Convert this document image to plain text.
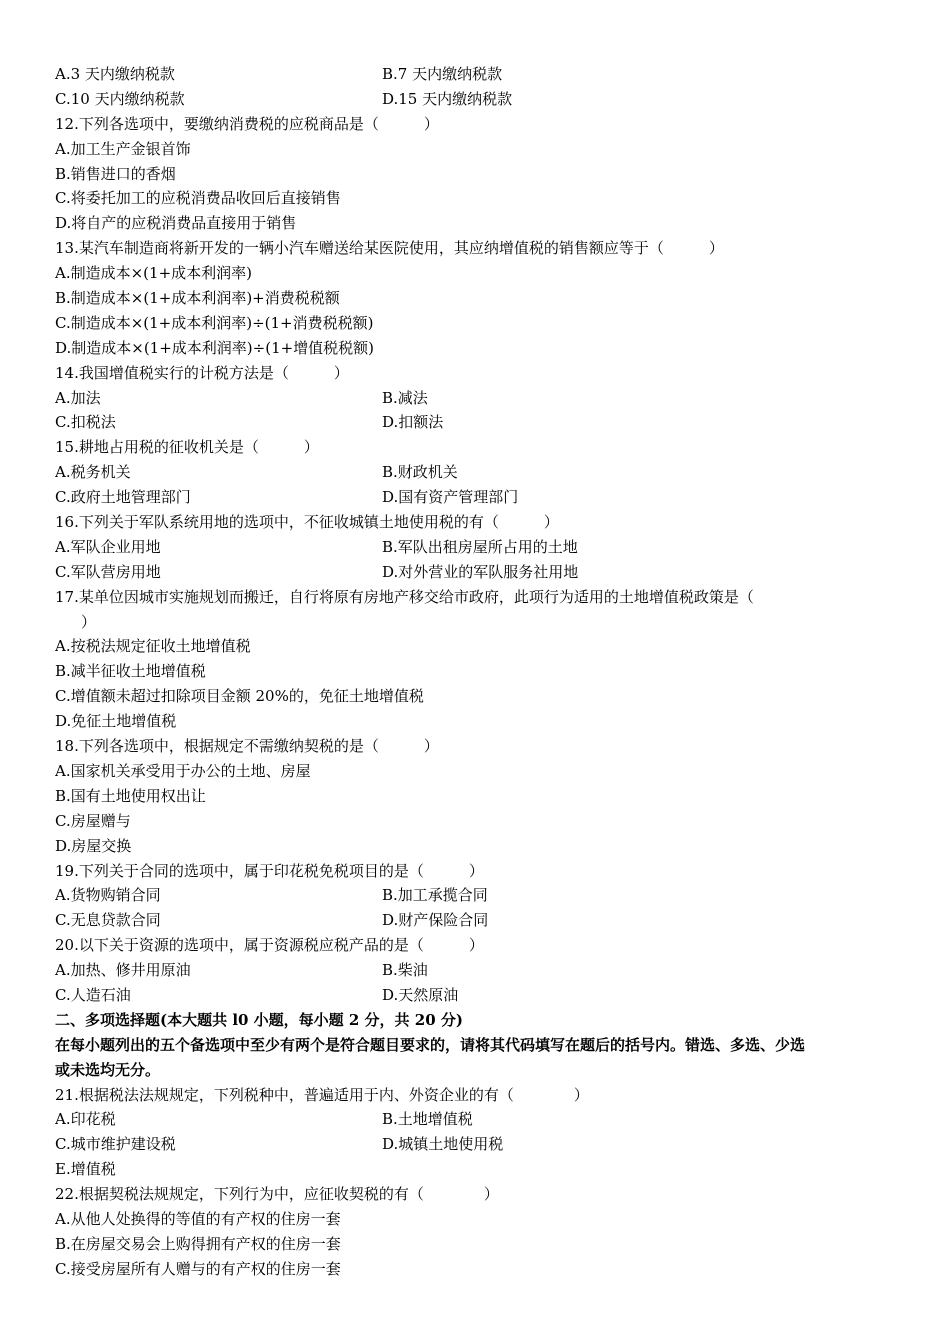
A.3 天内缴纳税款	B.7 天内缴纳税款
C.10 天内缴纳税款	D.15 天内缴纳税款
12.下列各选项中，要缴纳消费税的应税商品是（　　　）
A.加工生产金银首饰
B.销售进口的香烟
C.将委托加工的应税消费品收回后直接销售
D.将自产的应税消费品直接用于销售
13.某汽车制造商将新开发的一辆小汽车赠送给某医院使用，其应纳增值税的销售额应等于（　　　）
A.制造成本×(1+成本利润率)
B.制造成本×(1+成本利润率)+消费税税额
C.制造成本×(1+成本利润率)÷(1+消费税税额)
D.制造成本×(1+成本利润率)÷(1+增值税税额)
14.我国增值税实行的计税方法是（　　　）
A.加法	B.减法
C.扣税法	D.扣额法
15.耕地占用税的征收机关是（　　　）
A.税务机关	B.财政机关
C.政府土地管理部门	D.国有资产管理部门
16.下列关于军队系统用地的选项中，不征收城镇土地使用税的有（　　　）
A.军队企业用地	B.军队出租房屋所占用的土地
C.军队营房用地	D.对外营业的军队服务社用地
17.某单位因城市实施规划而搬迁，自行将原有房地产移交给市政府，此项行为适用的土地增值税政策是（
）
A.按税法规定征收土地增值税
B.减半征收土地增值税
C.增值额未超过扣除项目金额 20%的，免征土地增值税
D.免征土地增值税
18.下列各选项中，根据规定不需缴纳契税的是（　　　）
A.国家机关承受用于办公的土地、房屋
B.国有土地使用权出让
C.房屋赠与
D.房屋交换
19.下列关于合同的选项中，属于印花税免税项目的是（　　　）
A.货物购销合同	B.加工承揽合同
C.无息贷款合同	D.财产保险合同
20.以下关于资源的选项中，属于资源税应税产品的是（　　　）
A.加热、修井用原油	B.柴油
C.人造石油	D.天然原油
二、多项选择题(本大题共 l0 小题，每小题 2 分，共 20 分)
在每小题列出的五个备选项中至少有两个是符合题目要求的，请将其代码填写在题后的括号内。错选、多选、少选
或未选均无分。
21.根据税法法规规定，下列税种中，普遍适用于内、外资企业的有（　　　　）
A.印花税	B.土地增值税
C.城市维护建设税	D.城镇土地使用税
E.增值税
22.根据契税法规规定，下列行为中，应征收契税的有（　　　　）
A.从他人处换得的等值的有产权的住房一套
B.在房屋交易会上购得拥有产权的住房一套
C.接受房屋所有人赠与的有产权的住房一套
